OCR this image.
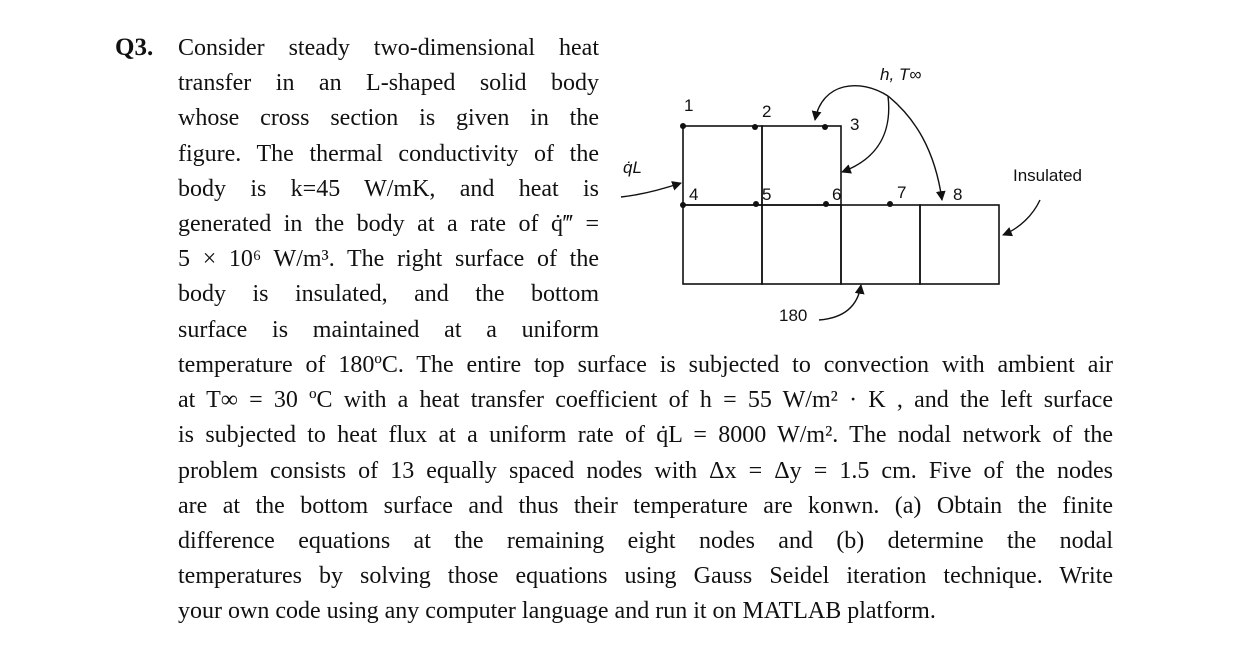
Q3. Consider steady two-dimensional heat
transfer in an L-shaped solid body
whose cross section is given in the
figure. The thermal conductivity of the
body is k=45 W/mK, and heat is
generated in the body at a rate of q̇‴ =
5 × 10⁶ W/m³. The right surface of the
body is insulated, and the bottom
surface is maintained at a uniform
temperature of 180ºC. The entire top surface is subjected to convection with ambient air
at T∞ = 30 ºC with a heat transfer coefficient of h = 55 W/m² · K , and the left surface
is subjected to heat flux at a uniform rate of q̇L = 8000 W/m². The nodal network of the
problem consists of 13 equally spaced nodes with Δx = Δy = 1.5 cm. Five of the nodes
are at the bottom surface and thus their temperature are konwn. (a) Obtain the finite
difference equations at the remaining eight nodes and (b) determine the nodal
temperatures by solving those equations using Gauss Seidel iteration technique. Write
your own code using any computer language and run it on MATLAB platform.
1	2
3
4	5	6	7	8
h, T∞
q̇L	Insulated
180
